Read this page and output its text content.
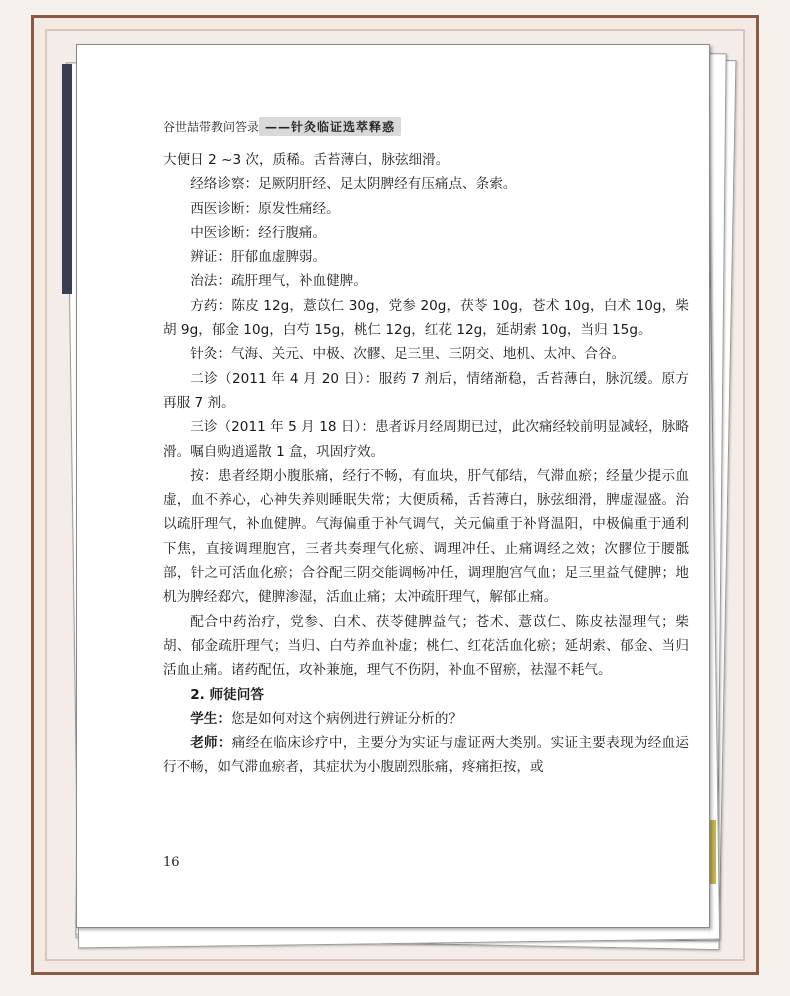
谷世喆带教问答录 ——针灸临证选萃释惑

大便日 2 ~3 次，质稀。舌苔薄白，脉弦细滑。

经络诊察：足厥阴肝经、足太阴脾经有压痛点、条索。

西医诊断：原发性痛经。

中医诊断：经行腹痛。

辨证：肝郁血虚脾弱。

治法：疏肝理气，补血健脾。

方药：陈皮 12g，薏苡仁 30g，党参 20g，茯苓 10g，苍术 10g，白术 10g，柴胡 9g，郁金 10g，白芍 15g，桃仁 12g，红花 12g，延胡索 10g，当归 15g。

针灸：气海、关元、中极、次髎、足三里、三阴交、地机、太冲、合谷。

二诊（2011 年 4 月 20 日）：服药 7 剂后，情绪渐稳，舌苔薄白，脉沉缓。原方再服 7 剂。

三诊（2011 年 5 月 18 日）：患者诉月经周期已过，此次痛经较前明显减轻，脉略滑。嘱自购逍遥散 1 盒，巩固疗效。

按：患者经期小腹胀痛，经行不畅，有血块，肝气郁结，气滞血瘀；经量少提示血虚，血不养心，心神失养则睡眠失常；大便质稀，舌苔薄白，脉弦细滑，脾虚湿盛。治以疏肝理气，补血健脾。气海偏重于补气调气，关元偏重于补肾温阳，中极偏重于通利下焦，直接调理胞宫，三者共奏理气化瘀、调理冲任、止痛调经之效；次髎位于腰骶部，针之可活血化瘀；合谷配三阴交能调畅冲任，调理胞宫气血；足三里益气健脾；地机为脾经郄穴，健脾渗湿，活血止痛；太冲疏肝理气，解郁止痛。

配合中药治疗，党参、白术、茯苓健脾益气；苍术、薏苡仁、陈皮祛湿理气；柴胡、郁金疏肝理气；当归、白芍养血补虚；桃仁、红花活血化瘀；延胡索、郁金、当归活血止痛。诸药配伍，攻补兼施，理气不伤阴，补血不留瘀，祛湿不耗气。

2. 师徒问答

学生：您是如何对这个病例进行辨证分析的？

老师：痛经在临床诊疗中，主要分为实证与虚证两大类别。实证主要表现为经血运行不畅，如气滞血瘀者，其症状为小腹剧烈胀痛，疼痛拒按，或

16
